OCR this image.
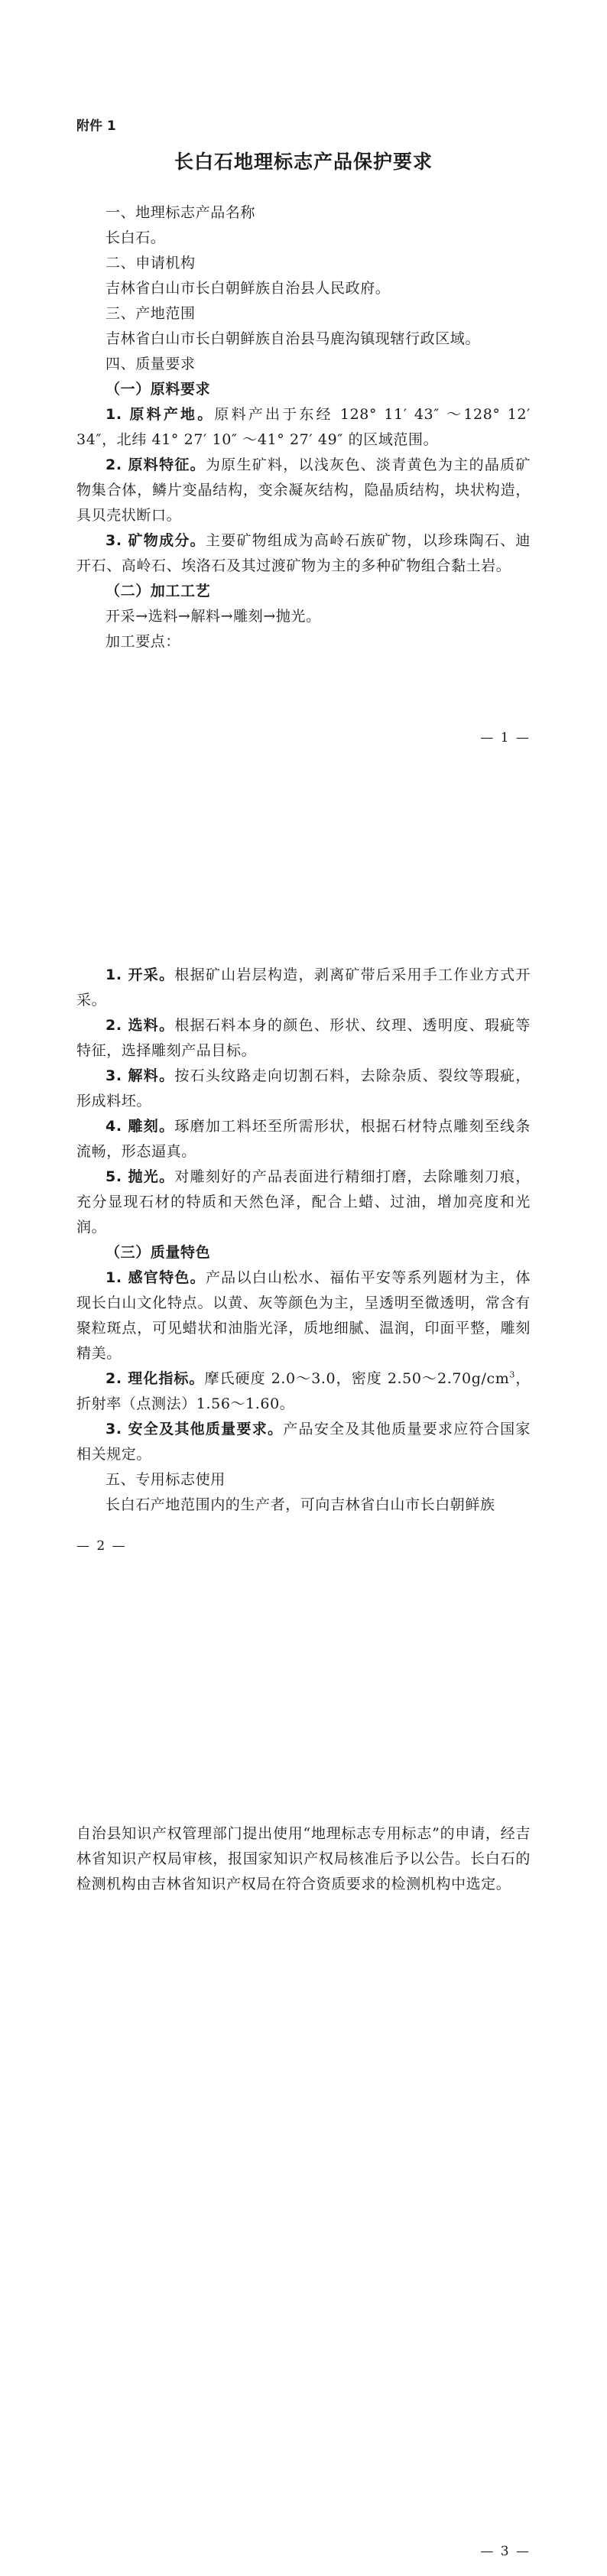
附件 1
长白石地理标志产品保护要求

一、地理标志产品名称

长白石。

二、申请机构

吉林省白山市长白朝鲜族自治县人民政府。

三、产地范围

吉林省白山市长白朝鲜族自治县马鹿沟镇现辖行政区域。

四、质量要求

（一）原料要求

1. 原料产地。原料产出于东经 128° 11′ 43″ ～128° 12′ 34″，北纬 41° 27′ 10″ ～41° 27′ 49″ 的区域范围。

2. 原料特征。为原生矿料，以浅灰色、淡青黄色为主的晶质矿物集合体，鳞片变晶结构，变余凝灰结构，隐晶质结构，块状构造，具贝壳状断口。

3. 矿物成分。主要矿物组成为高岭石族矿物，以珍珠陶石、迪开石、高岭石、埃洛石及其过渡矿物为主的多种矿物组合黏土岩。

（二）加工工艺

开采→选料→解料→雕刻→抛光。

加工要点：

— 1 —

1. 开采。根据矿山岩层构造，剥离矿带后采用手工作业方式开采。

2. 选料。根据石料本身的颜色、形状、纹理、透明度、瑕疵等特征，选择雕刻产品目标。

3. 解料。按石头纹路走向切割石料，去除杂质、裂纹等瑕疵，形成料坯。

4. 雕刻。琢磨加工料坯至所需形状，根据石材特点雕刻至线条流畅，形态逼真。

5. 抛光。对雕刻好的产品表面进行精细打磨，去除雕刻刀痕，充分显现石材的特质和天然色泽，配合上蜡、过油，增加亮度和光润。

（三）质量特色

1. 感官特色。产品以白山松水、福佑平安等系列题材为主，体现长白山文化特点。以黄、灰等颜色为主，呈透明至微透明，常含有聚粒斑点，可见蜡状和油脂光泽，质地细腻、温润，印面平整，雕刻精美。

2. 理化指标。摩氏硬度 2.0～3.0，密度 $2.50\sim 2.70g/cm^3$，折射率（点测法）1.56～1.60。

3. 安全及其他质量要求。产品安全及其他质量要求应符合国家相关规定。

五、专用标志使用

长白石产地范围内的生产者，可向吉林省白山市长白朝鲜族

— 2 —

自治县知识产权管理部门提出使用“地理标志专用标志”的申请，经吉林省知识产权局审核，报国家知识产权局核准后予以公告。长白石的检测机构由吉林省知识产权局在符合资质要求的检测机构中选定。

— 3 —
